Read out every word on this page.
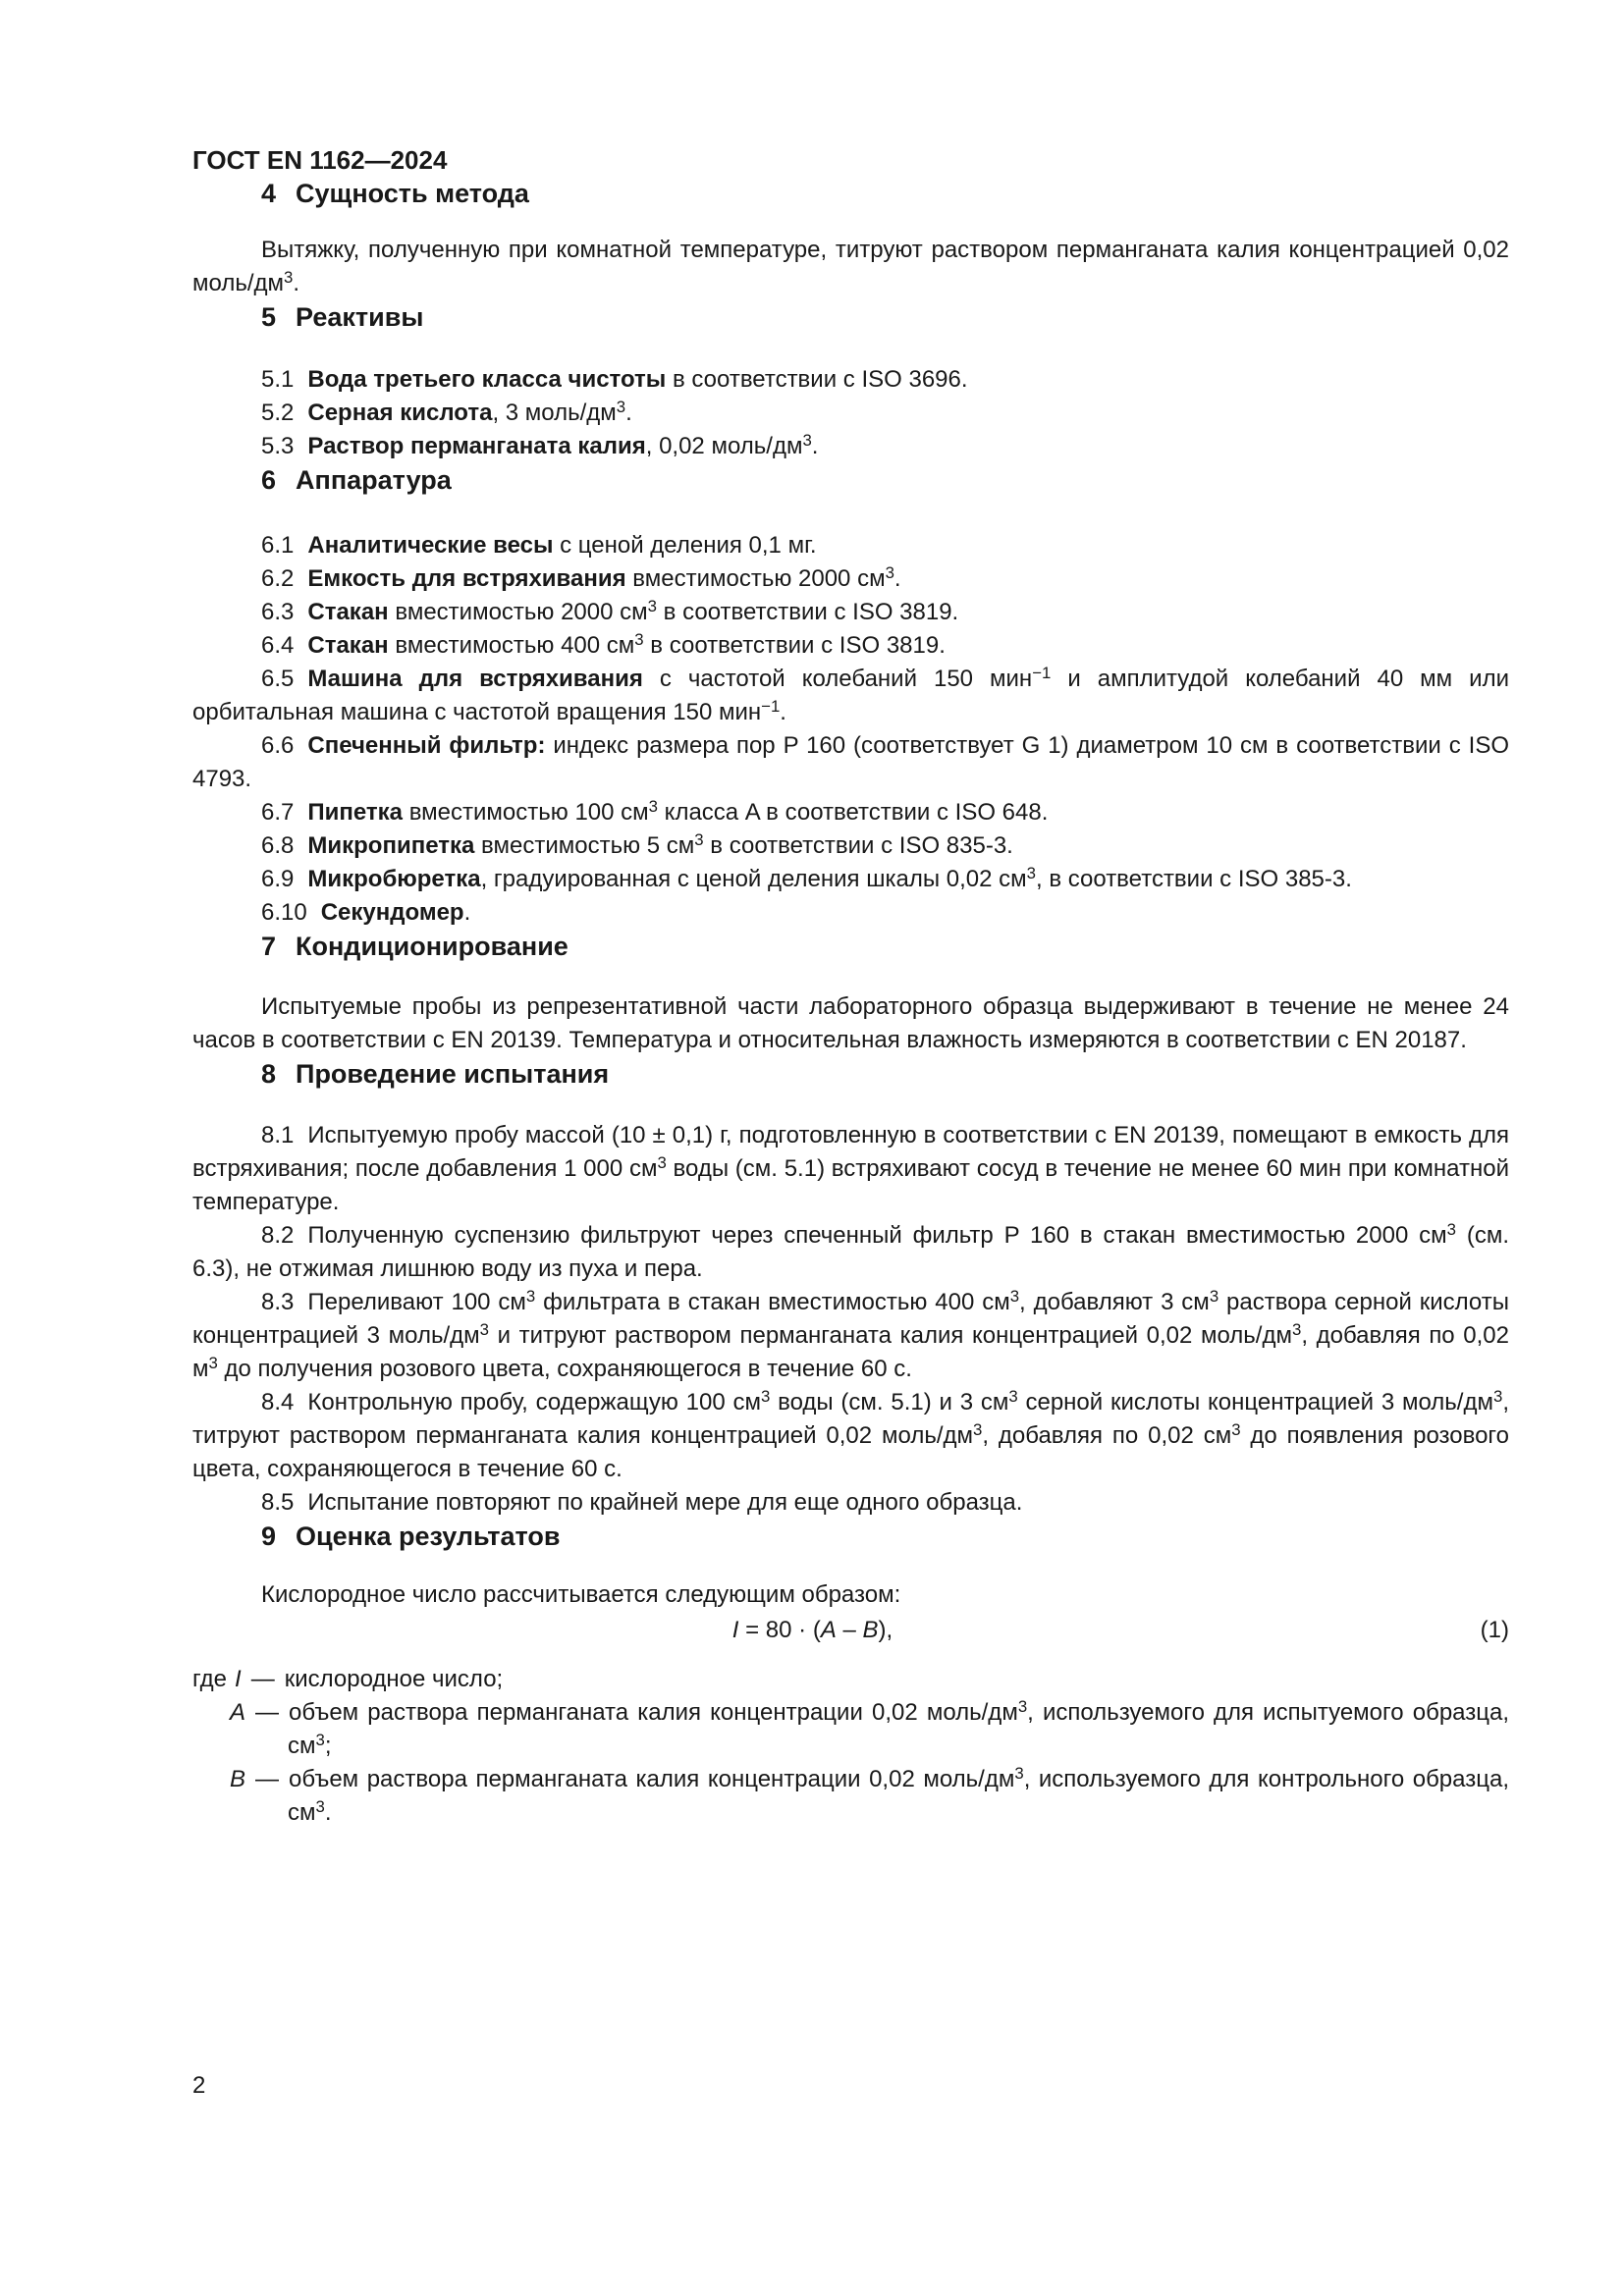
ГОСТ EN 1162—2024
4 Сущность метода

Вытяжку, полученную при комнатной температуре, титруют раствором перманганата калия концентрацией 0,02 моль/$дм^3$.

5 Реактивы

5.1 Вода третьего класса чистоты в соответствии с ISO 3696.

5.2 Серная кислота, 3 моль/$дм^3$.

5.3 Раствор перманганата калия, 0,02 моль/$дм^3$.

6 Аппаратура

6.1 Аналитические весы с ценой деления 0,1 мг.

6.2 Емкость для встряхивания вместимостью 2000 $см^3$.

6.3 Стакан вместимостью 2000 $см^3$ в соответствии с ISO 3819.

6.4 Стакан вместимостью 400 $см^3$ в соответствии с ISO 3819.

6.5 Машина для встряхивания с частотой колебаний 150 мин$^{-1}$ и амплитудой колебаний 40 мм или орбитальная машина с частотой вращения 150 мин$^{-1}$.

6.6 Спеченный фильтр: индекс размера пор P 160 (соответствует G 1) диаметром 10 см в соответствии с ISO 4793.

6.7 Пипетка вместимостью 100 $см^3$ класса A в соответствии с ISO 648.

6.8 Микропипетка вместимостью 5 $см^3$ в соответствии с ISO 835-3.

6.9 Микробюретка, градуированная с ценой деления шкалы 0,02 $см^3$, в соответствии с ISO 385-3.

6.10 Секундомер.

7 Кондиционирование

Испытуемые пробы из репрезентативной части лабораторного образца выдерживают в течение не менее 24 часов в соответствии с EN 20139. Температура и относительная влажность измеряются в соответствии с EN 20187.

8 Проведение испытания

8.1 Испытуемую пробу массой (10 ± 0,1) г, подготовленную в соответствии с EN 20139, помещают в емкость для встряхивания; после добавления 1 000 $см^3$ воды (см. 5.1) встряхивают сосуд в течение не менее 60 мин при комнатной температуре.

8.2 Полученную суспензию фильтруют через спеченный фильтр P 160 в стакан вместимостью 2000 $см^3$ (см. 6.3), не отжимая лишнюю воду из пуха и пера.

8.3 Переливают 100 $см^3$ фильтрата в стакан вместимостью 400 $см^3$, добавляют 3 $см^3$ раствора серной кислоты концентрацией 3 моль/$дм^3$ и титруют раствором перманганата калия концентрацией 0,02 моль/$дм^3$, добавляя по 0,02 $м^3$ до получения розового цвета, сохраняющегося в течение 60 с.

8.4 Контрольную пробу, содержащую 100 $см^3$ воды (см. 5.1) и 3 $см^3$ серной кислоты концентрацией 3 моль/$дм^3$, титруют раствором перманганата калия концентрацией 0,02 моль/$дм^3$, добавляя по 0,02 $см^3$ до появления розового цвета, сохраняющегося в течение 60 с.

8.5 Испытание повторяют по крайней мере для еще одного образца.

9 Оценка результатов

Кислородное число рассчитывается следующим образом:

I = 80 · (A – B),	(1)
где I — кислородное число;
A — объем раствора перманганата калия концентрации 0,02 моль/$дм^3$, используемого для испытуемого образца, $см^3$;
B — объем раствора перманганата калия концентрации 0,02 моль/$дм^3$, используемого для контрольного образца, $см^3$.
2
